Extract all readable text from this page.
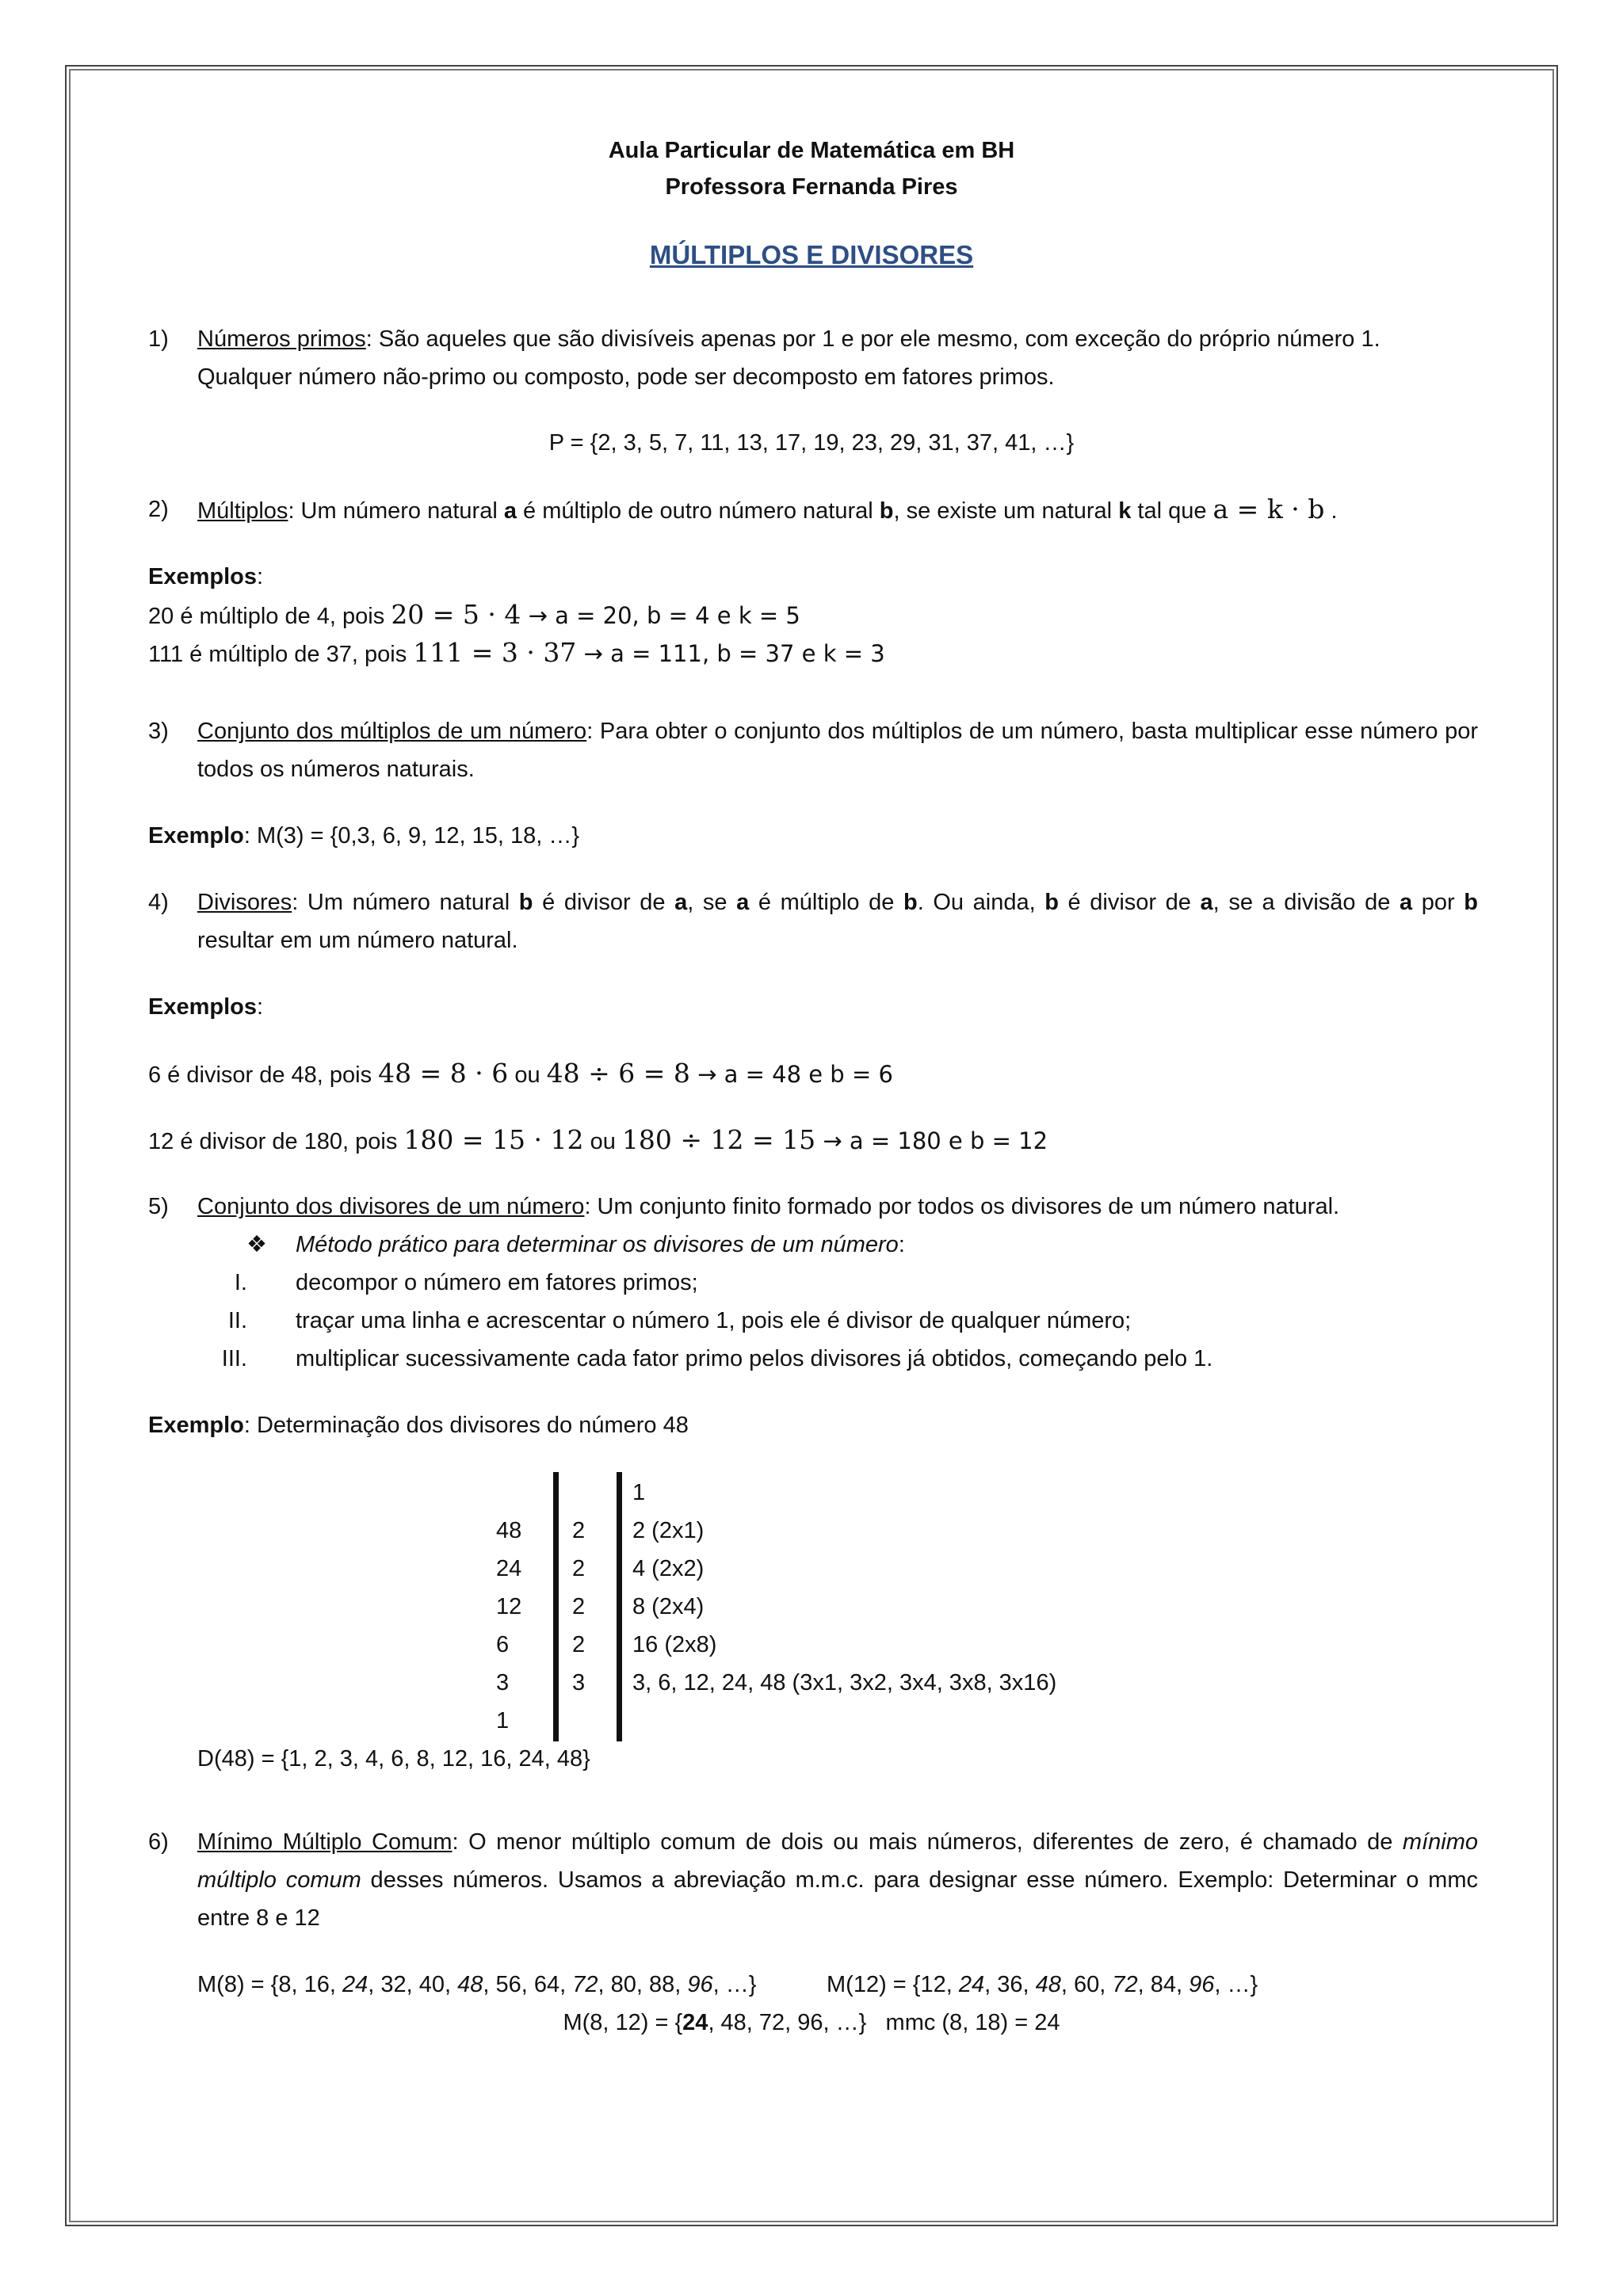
Aula Particular de Matemática em BH
Professora Fernanda Pires
MÚLTIPLOS E DIVISORES
1) Números primos: São aqueles que são divisíveis apenas por 1 e por ele mesmo, com exceção do próprio número 1.
Qualquer número não-primo ou composto, pode ser decomposto em fatores primos.
P = {2, 3, 5, 7, 11, 13, 17, 19, 23, 29, 31, 37, 41, …}
2) Múltiplos: Um número natural a é múltiplo de outro número natural b, se existe um natural k tal que a = k · b .
Exemplos:
20 é múltiplo de 4, pois 20 = 5 · 4 → a = 20, b = 4 e k = 5
111 é múltiplo de 37, pois 111 = 3 · 37 → a = 111, b = 37 e k = 3
3) Conjunto dos múltiplos de um número: Para obter o conjunto dos múltiplos de um número, basta multiplicar esse número por todos os números naturais.
Exemplo: M(3) = {0,3, 6, 9, 12, 15, 18, …}
4) Divisores: Um número natural b é divisor de a, se a é múltiplo de b. Ou ainda, b é divisor de a, se a divisão de a por b resultar em um número natural.
Exemplos:
6 é divisor de 48, pois 48 = 8 · 6 ou 48 ÷ 6 = 8 → a = 48 e b = 6
12 é divisor de 180, pois 180 = 15 · 12 ou 180 ÷ 12 = 15 → a = 180 e b = 12
5) Conjunto dos divisores de um número: Um conjunto finito formado por todos os divisores de um número natural.
❖ Método prático para determinar os divisores de um número:
I. decompor o número em fatores primos;
II. traçar uma linha e acrescentar o número 1, pois ele é divisor de qualquer número;
III. multiplicar sucessivamente cada fator primo pelos divisores já obtidos, começando pelo 1.
Exemplo: Determinação dos divisores do número 48
48
24
12
6
3
1
2
2
2
2
3
1
2 (2x1)
4 (2x2)
8 (2x4)
16 (2x8)
3, 6, 12, 24, 48 (3x1, 3x2, 3x4, 3x8, 3x16)
D(48) = {1, 2, 3, 4, 6, 8, 12, 16, 24, 48}
6) Mínimo Múltiplo Comum: O menor múltiplo comum de dois ou mais números, diferentes de zero, é chamado de mínimo múltiplo comum desses números. Usamos a abreviação m.m.c. para designar esse número. Exemplo: Determinar o mmc entre 8 e 12
M(8) = {8, 16, 24, 32, 40, 48, 56, 64, 72, 80, 88, 96, …}	M(12) = {12, 24, 36, 48, 60, 72, 84, 96, …}
M(8, 12) = {24, 48, 72, 96, …} mmc (8, 18) = 24
